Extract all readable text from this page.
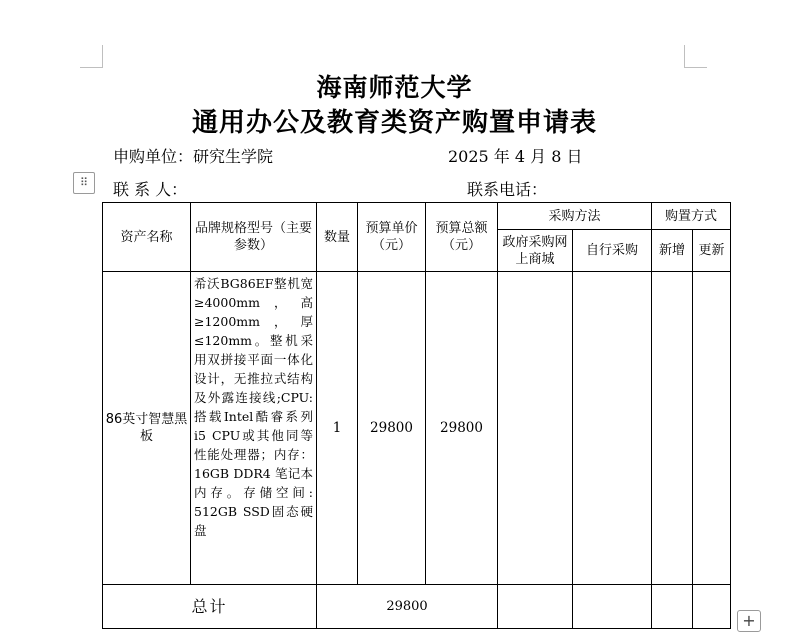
海南师范大学
通用办公及教育类资产购置申请表
申购单位：研究生学院	2025 年 4 月 8 日
联 系 人：	联系电话：
⠿
资产名称	品牌规格型号（主要参数）	数量	预算单价（元）	预算总额（元）	采购方法		购置方式	
					政府采购网上商城	自行采购	新增	更新
86英寸智慧黑板	希沃BG86EF整机宽≥4000mm，高≥1200mm，厚≤120mm。整机采用双拼接平面一体化设计，无推拉式结构及外露连接线;CPU:搭载Intel酷睿系列 i5 CPU或其他同等性能处理器；内存：16GB DDR4 笔记本内存。存储空间: 512GB SSD固态硬盘	1	29800	29800				
总计		29800						
+
